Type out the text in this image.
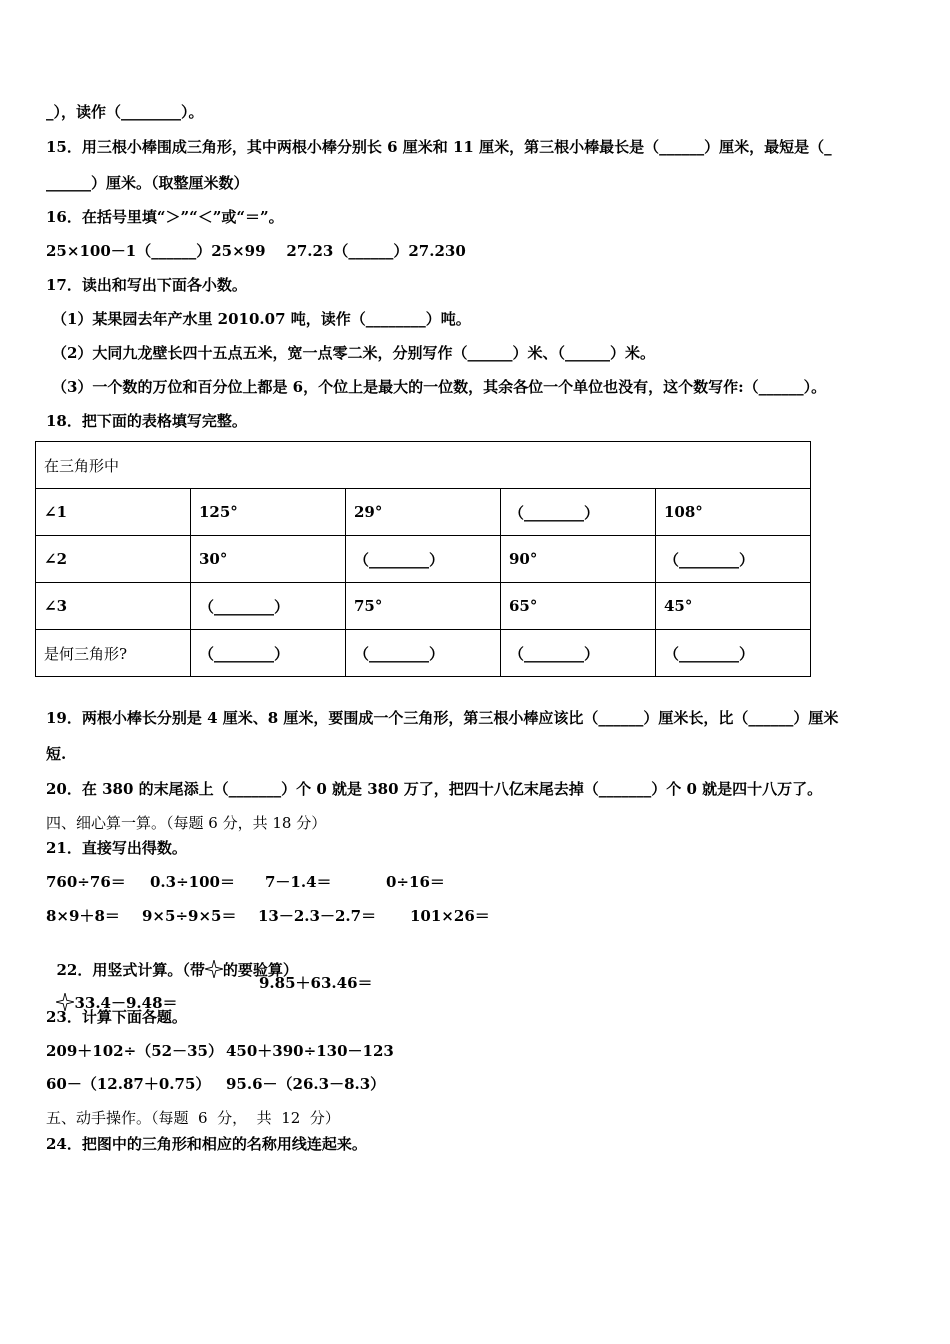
_），读作（________）。
15．用三根小棒围成三角形，其中两根小棒分别长 6 厘米和 11 厘米，第三根小棒最长是（______）厘米，最短是（_
______）厘米。（取整厘米数）
16．在括号里填“＞”“＜”或“＝”。
25×100－1（______）25×99    27.23（______）27.230
17．读出和写出下面各小数。
（1）某果园去年产水里 2010.07 吨，读作（________）吨。
（2）大同九龙壁长四十五点五米，宽一点零二米，分别写作（______）米、（______）米。
（3）一个数的万位和百分位上都是 6，个位上是最大的一位数，其余各位一个单位也没有，这个数写作:（______）。
18．把下面的表格填写完整。
在三角形中				
∠1	125°	29°	（________）	108°
∠2	30°	（________）	90°	（________）
∠3	（________）	75°	65°	45°
是何三角形?	（________）	（________）	（________）	（________）
19．两根小棒长分别是 4 厘米、8 厘米，要围成一个三角形，第三根小棒应该比（______）厘米长，比（______）厘米
短.
20．在 380 的末尾添上（_______）个 0 就是 380 万了，把四十八亿末尾去掉（_______）个 0 就是四十八万了。
四、细心算一算。（每题 6 分，共 18 分）
21．直接写出得数。
760÷76＝ 0.3÷100＝ 7－1.4＝	0÷16＝
8×9＋8＝ 9×5÷9×5＝ 13－2.3－2.7＝ 101×26＝

22．用竖式计算。（带 的要验算）

33.4－9.48＝

9.85＋63.46＝
23．计算下面各题。
209＋102÷（52－35） 450＋390÷130－123
60－（12.87＋0.75） 95.6－（26.3－8.3）
五、动手操作。（每题  6  分，  共  12  分）
24．把图中的三角形和相应的名称用线连起来。
